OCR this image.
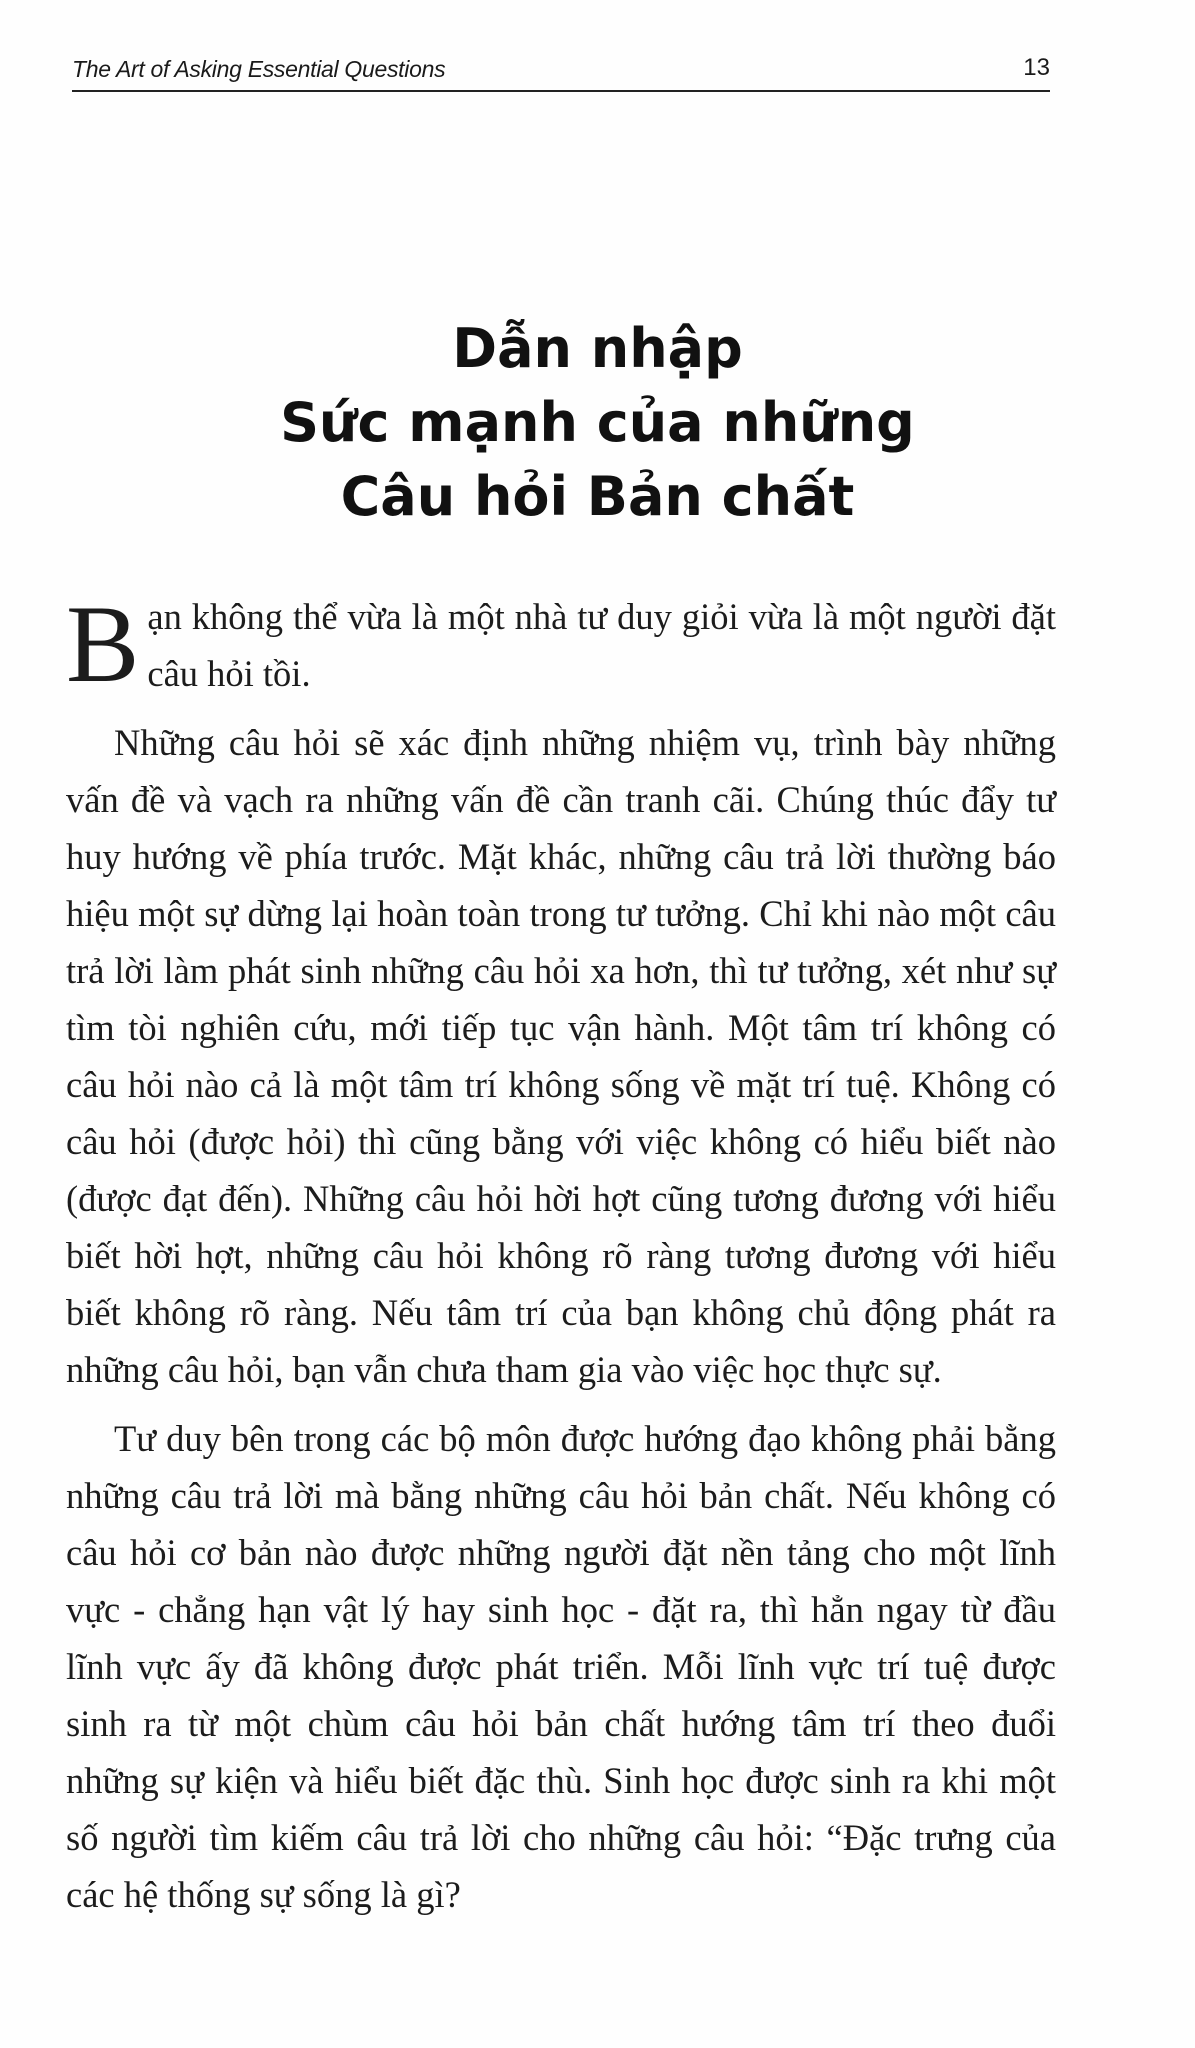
The Art of Asking Essential Questions	13
Dẫn nhập
Sức mạnh của những
Câu hỏi Bản chất

Bạn không thể vừa là một nhà tư duy giỏi vừa là một người đặt câu hỏi tồi.

Những câu hỏi sẽ xác định những nhiệm vụ, trình bày những vấn đề và vạch ra những vấn đề cần tranh cãi. Chúng thúc đẩy tư huy hướng về phía trước. Mặt khác, những câu trả lời thường báo hiệu một sự dừng lại hoàn toàn trong tư tưởng. Chỉ khi nào một câu trả lời làm phát sinh những câu hỏi xa hơn, thì tư tưởng, xét như sự tìm tòi nghiên cứu, mới tiếp tục vận hành. Một tâm trí không có câu hỏi nào cả là một tâm trí không sống về mặt trí tuệ. Không có câu hỏi (được hỏi) thì cũng bằng với việc không có hiểu biết nào (được đạt đến). Những câu hỏi hời hợt cũng tương đương với hiểu biết hời hợt, những câu hỏi không rõ ràng tương đương với hiểu biết không rõ ràng. Nếu tâm trí của bạn không chủ động phát ra những câu hỏi, bạn vẫn chưa tham gia vào việc học thực sự.

Tư duy bên trong các bộ môn được hướng đạo không phải bằng những câu trả lời mà bằng những câu hỏi bản chất. Nếu không có câu hỏi cơ bản nào được những người đặt nền tảng cho một lĩnh vực - chẳng hạn vật lý hay sinh học - đặt ra, thì hẳn ngay từ đầu lĩnh vực ấy đã không được phát triển. Mỗi lĩnh vực trí tuệ được sinh ra từ một chùm câu hỏi bản chất hướng tâm trí theo đuổi những sự kiện và hiểu biết đặc thù. Sinh học được sinh ra khi một số người tìm kiếm câu trả lời cho những câu hỏi: “Đặc trưng của các hệ thống sự sống là gì?
